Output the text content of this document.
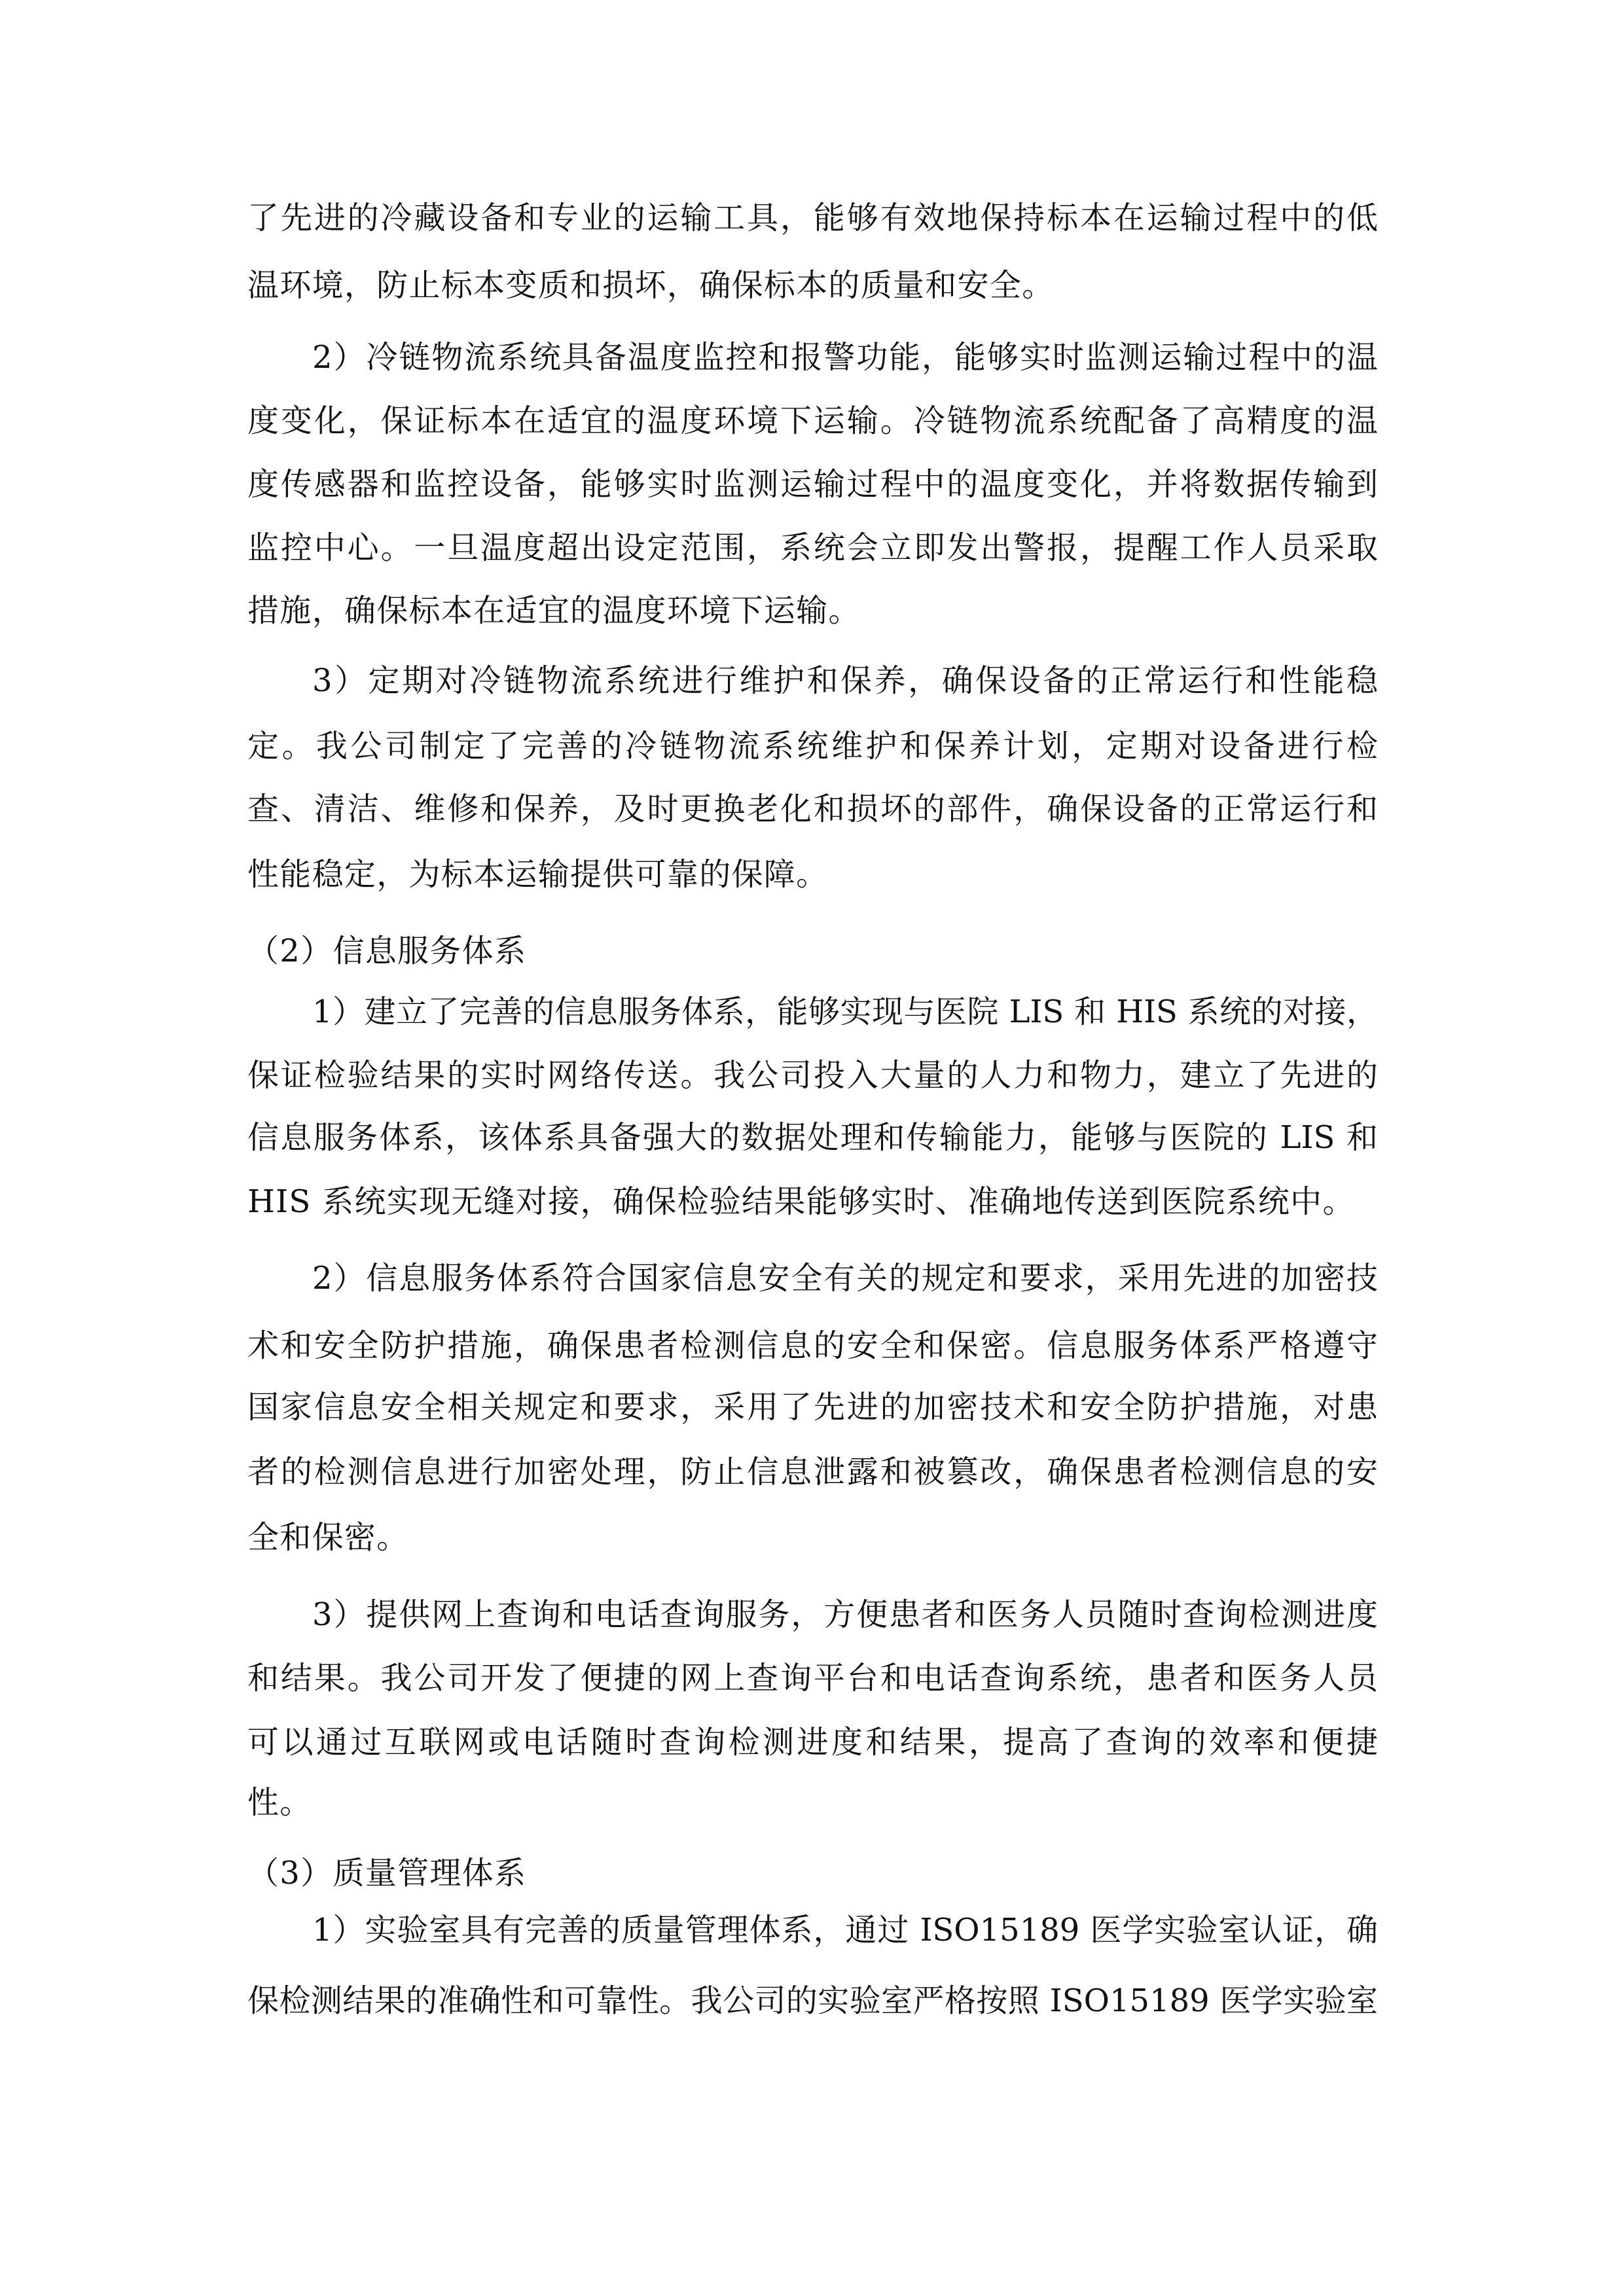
了先进的冷藏设备和专业的运输工具，能够有效地保持标本在运输过程中的低
温环境，防止标本变质和损坏，确保标本的质量和安全。
2）冷链物流系统具备温度监控和报警功能，能够实时监测运输过程中的温
度变化，保证标本在适宜的温度环境下运输。冷链物流系统配备了高精度的温
度传感器和监控设备，能够实时监测运输过程中的温度变化，并将数据传输到
监控中心。一旦温度超出设定范围，系统会立即发出警报，提醒工作人员采取
措施，确保标本在适宜的温度环境下运输。
3）定期对冷链物流系统进行维护和保养，确保设备的正常运行和性能稳
定。我公司制定了完善的冷链物流系统维护和保养计划，定期对设备进行检
查、清洁、维修和保养，及时更换老化和损坏的部件，确保设备的正常运行和
性能稳定，为标本运输提供可靠的保障。
（2）信息服务体系
1）建立了完善的信息服务体系，能够实现与医院 LIS 和 HIS 系统的对接，
保证检验结果的实时网络传送。我公司投入大量的人力和物力，建立了先进的
信息服务体系，该体系具备强大的数据处理和传输能力，能够与医院的 LIS 和
HIS 系统实现无缝对接，确保检验结果能够实时、准确地传送到医院系统中。
2）信息服务体系符合国家信息安全有关的规定和要求，采用先进的加密技
术和安全防护措施，确保患者检测信息的安全和保密。信息服务体系严格遵守
国家信息安全相关规定和要求，采用了先进的加密技术和安全防护措施，对患
者的检测信息进行加密处理，防止信息泄露和被篡改，确保患者检测信息的安
全和保密。
3）提供网上查询和电话查询服务，方便患者和医务人员随时查询检测进度
和结果。我公司开发了便捷的网上查询平台和电话查询系统，患者和医务人员
可以通过互联网或电话随时查询检测进度和结果，提高了查询的效率和便捷
性。
（3）质量管理体系
1）实验室具有完善的质量管理体系，通过 ISO15189 医学实验室认证，确
保检测结果的准确性和可靠性。我公司的实验室严格按照 ISO15189 医学实验室
